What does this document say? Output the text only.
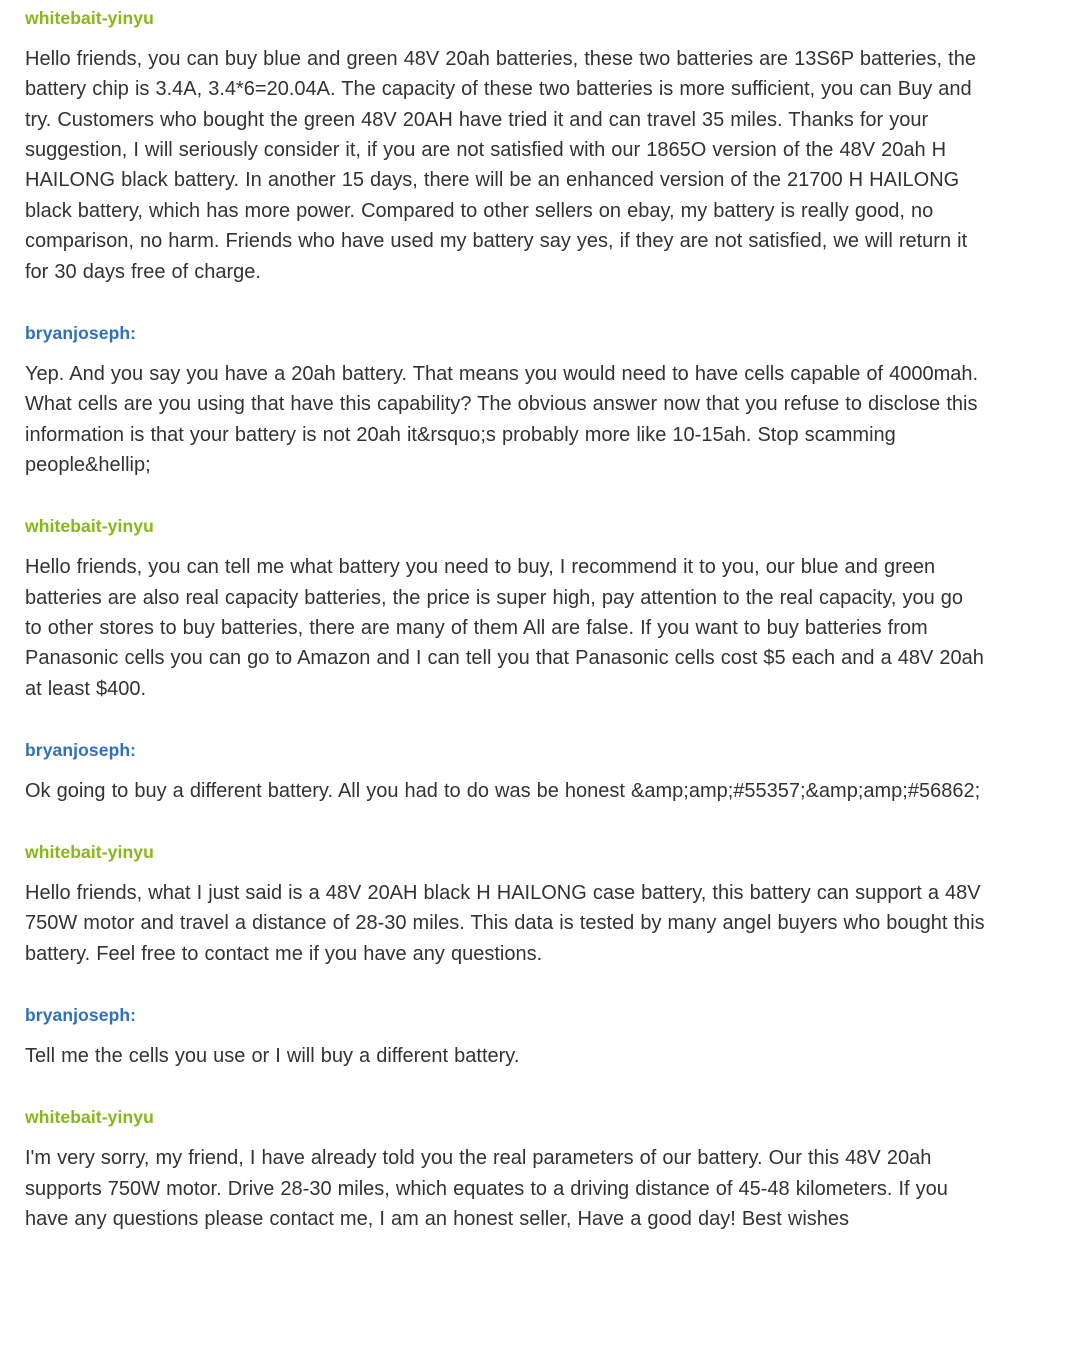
whitebait-yinyu

Hello friends, you can buy blue and green 48V 20ah batteries, these two batteries are 13S6P batteries, the battery chip is 3.4A, 3.4*6=20.04A. The capacity of these two batteries is more sufficient, you can Buy and try. Customers who bought the green 48V 20AH have tried it and can travel 35 miles. Thanks for your suggestion, I will seriously consider it, if you are not satisfied with our 1865O version of the 48V 20ah H HAILONG black battery. In another 15 days, there will be an enhanced version of the 21700 H HAILONG black battery, which has more power. Compared to other sellers on ebay, my battery is really good, no comparison, no harm. Friends who have used my battery say yes, if they are not satisfied, we will return it for 30 days free of charge.

bryanjoseph:

Yep. And you say you have a 20ah battery. That means you would need to have cells capable of 4000mah. What cells are you using that have this capability? The obvious answer now that you refuse to disclose this information is that your battery is not 20ah it&rsquo;s probably more like 10-15ah. Stop scamming people&hellip;

whitebait-yinyu

Hello friends, you can tell me what battery you need to buy, I recommend it to you, our blue and green batteries are also real capacity batteries, the price is super high, pay attention to the real capacity, you go to other stores to buy batteries, there are many of them All are false. If you want to buy batteries from Panasonic cells you can go to Amazon and I can tell you that Panasonic cells cost $5 each and a 48V 20ah at least $400.

bryanjoseph:

Ok going to buy a different battery. All you had to do was be honest &amp;amp;#55357;&amp;amp;#56862;

whitebait-yinyu

Hello friends, what I just said is a 48V 20AH black H HAILONG case battery, this battery can support a 48V 750W motor and travel a distance of 28-30 miles. This data is tested by many angel buyers who bought this battery. Feel free to contact me if you have any questions.

bryanjoseph:

Tell me the cells you use or I will buy a different battery.

whitebait-yinyu

I'm very sorry, my friend, I have already told you the real parameters of our battery. Our this 48V 20ah supports 750W motor. Drive 28-30 miles, which equates to a driving distance of 45-48 kilometers. If you have any questions please contact me, I am an honest seller, Have a good day! Best wishes
